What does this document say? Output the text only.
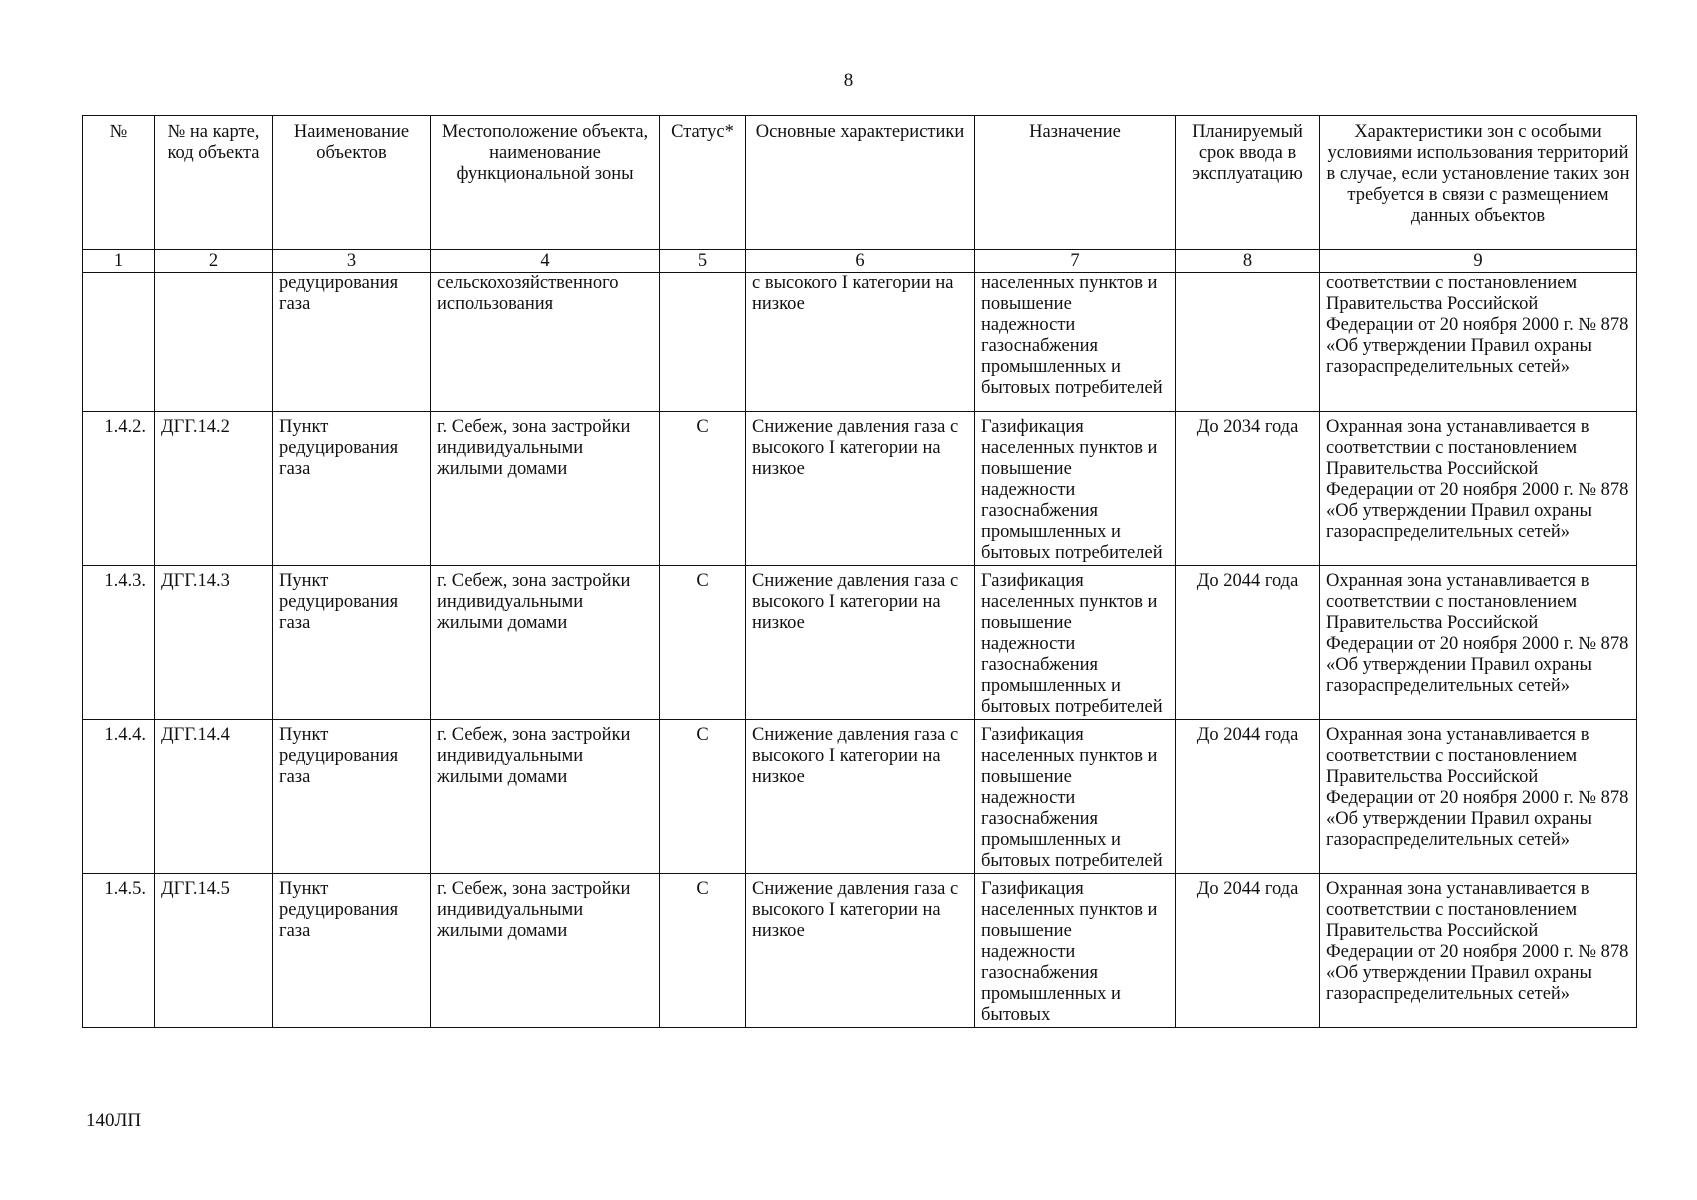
8
№	№ на карте, код объекта	Наименование объектов	Местоположение объекта, наименование функциональной зоны	Статус*	Основные характеристики	Назначение	Планируемый срок ввода в эксплуатацию	Характеристики зон с особыми условиями использования территорий в случае, если установление таких зон требуется в связи с размещением данных объектов
1	2	3	4	5	6	7	8	9
		редуцирования газа	сельскохозяйственного использования		с высокого I категории на низкое	населенных пунктов и повышение надежности газоснабжения промышленных и бытовых потребителей		соответствии с постановлением Правительства Российской Федерации от 20 ноября 2000 г. № 878 «Об утверждении Правил охраны газораспределительных сетей»
1.4.2.	ДГГ.14.2	Пункт редуцирования газа	г. Себеж, зона застройки индивидуальными жилыми домами	С	Снижение давления газа с высокого I категории на низкое	Газификация населенных пунктов и повышение надежности газоснабжения промышленных и бытовых потребителей	До 2034 года	Охранная зона устанавливается в соответствии с постановлением Правительства Российской Федерации от 20 ноября 2000 г. № 878 «Об утверждении Правил охраны газораспределительных сетей»
1.4.3.	ДГГ.14.3	Пункт редуцирования газа	г. Себеж, зона застройки индивидуальными жилыми домами	С	Снижение давления газа с высокого I категории на низкое	Газификация населенных пунктов и повышение надежности газоснабжения промышленных и бытовых потребителей	До 2044 года	Охранная зона устанавливается в соответствии с постановлением Правительства Российской Федерации от 20 ноября 2000 г. № 878 «Об утверждении Правил охраны газораспределительных сетей»
1.4.4.	ДГГ.14.4	Пункт редуцирования газа	г. Себеж, зона застройки индивидуальными жилыми домами	С	Снижение давления газа с высокого I категории на низкое	Газификация населенных пунктов и повышение надежности газоснабжения промышленных и бытовых потребителей	До 2044 года	Охранная зона устанавливается в соответствии с постановлением Правительства Российской Федерации от 20 ноября 2000 г. № 878 «Об утверждении Правил охраны газораспределительных сетей»
1.4.5.	ДГГ.14.5	Пункт редуцирования газа	г. Себеж, зона застройки индивидуальными жилыми домами	С	Снижение давления газа с высокого I категории на низкое	Газификация населенных пунктов и повышение надежности газоснабжения промышленных и бытовых	До 2044 года	Охранная зона устанавливается в соответствии с постановлением Правительства Российской Федерации от 20 ноября 2000 г. № 878 «Об утверждении Правил охраны газораспределительных сетей»
140ЛП
